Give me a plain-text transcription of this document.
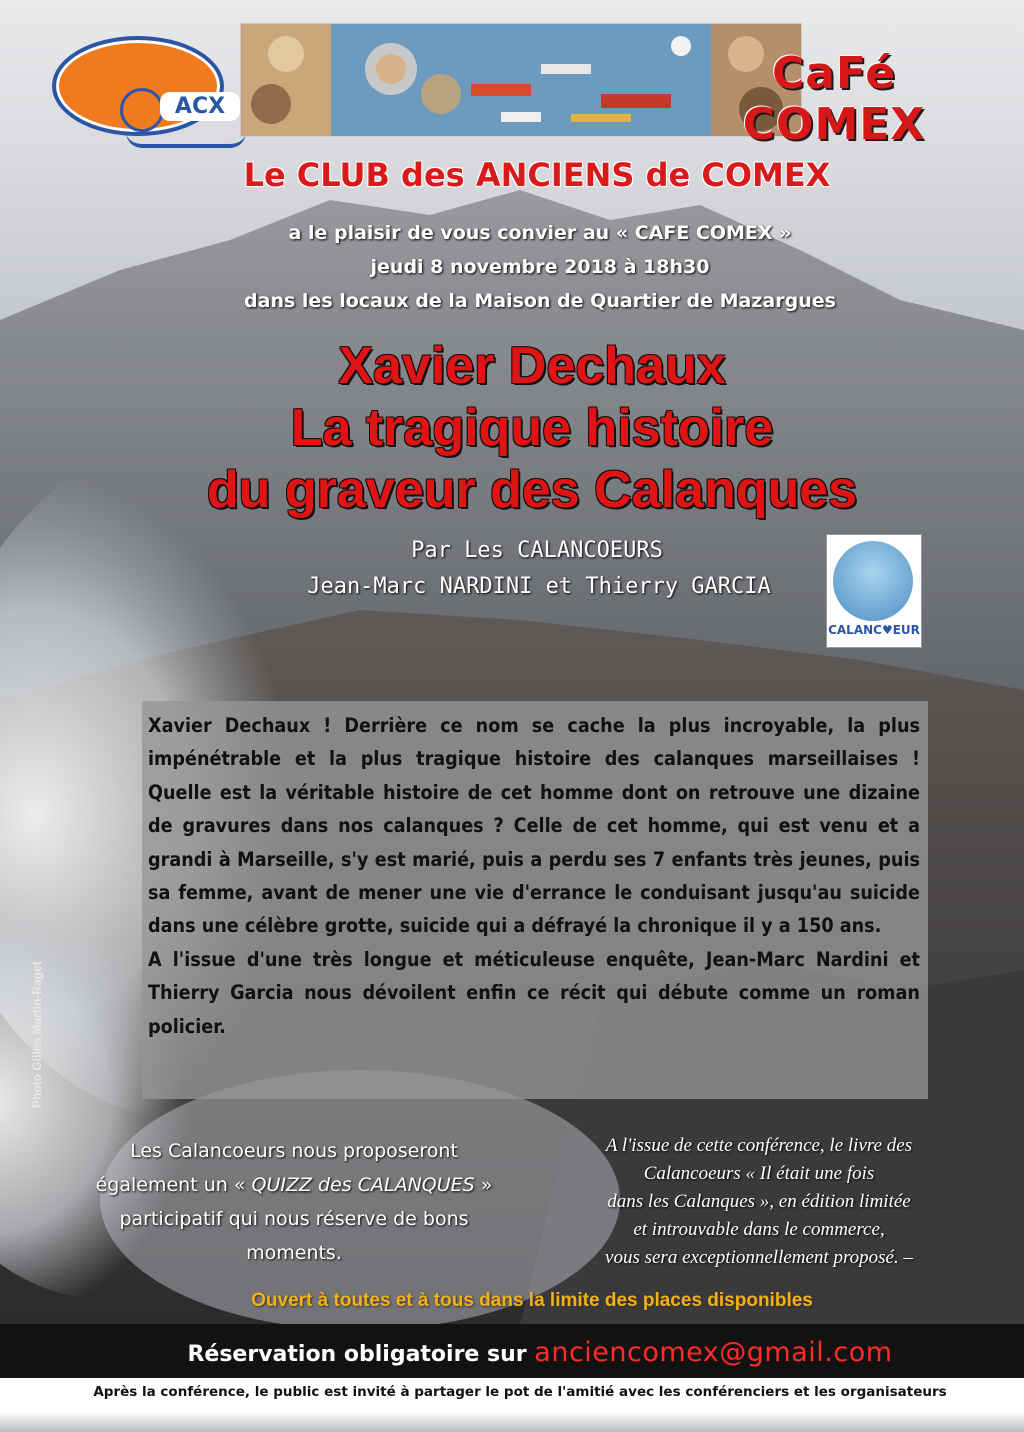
ACX
CaFé COMEX
Le CLUB des ANCIENS de COMEX
a le plaisir de vous convier au « CAFE COMEX »
jeudi 8 novembre 2018 à 18h30
dans les locaux de la Maison de Quartier de Mazargues
Xavier Dechaux
La tragique histoire
du graveur des Calanques
Par Les CALANCOEURS
Jean-Marc NARDINI et Thierry GARCIA
CALANC♥EUR

Xavier Dechaux ! Derrière ce nom se cache la plus incroyable, la plus impénétrable et la plus tragique histoire des calanques marseillaises ! Quelle est la véritable histoire de cet homme dont on retrouve une dizaine de gravures dans nos calanques ? Celle de cet homme, qui est venu et a grandi à Marseille, s'y est marié, puis a perdu ses 7 enfants très jeunes, puis sa femme, avant de mener une vie d'errance le conduisant jusqu'au suicide dans une célèbre grotte, suicide qui a défrayé la chronique il y a 150 ans.

A l'issue d'une très longue et méticuleuse enquête, Jean-Marc Nardini et Thierry Garcia nous dévoilent enfin ce récit qui débute comme un roman policier.

Les Calancoeurs nous proposeront également un « QUIZZ des CALANQUES » participatif qui nous réserve de bons moments.
A l'issue de cette conférence, le livre des
Calancoeurs « Il était une fois
dans les Calanques », en édition limitée
et introuvable dans le commerce,
vous sera exceptionnellement proposé. –
Ouvert à toutes et à tous dans la limite des places disponibles
Réservation obligatoire sur anciencomex@gmail.com
Après la conférence, le public est invité à partager le pot de l'amitié avec les conférenciers et les organisateurs
Photo Gilles Martin-Raget
